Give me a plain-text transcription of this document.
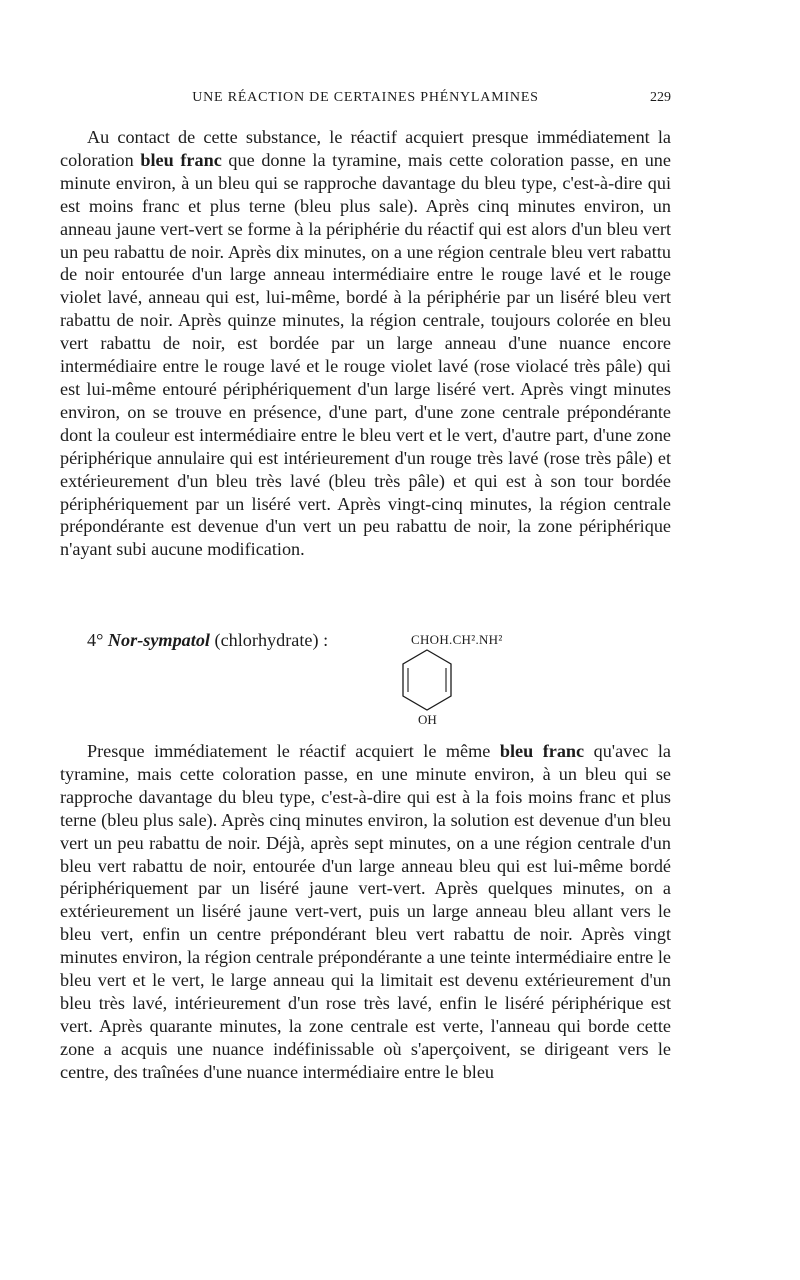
UNE RÉACTION DE CERTAINES PHÉNYLAMINES	229

Au contact de cette substance, le réactif acquiert presque immédiatement la coloration bleu franc que donne la tyramine, mais cette coloration passe, en une minute environ, à un bleu qui se rapproche davantage du bleu type, c'est-à-dire qui est moins franc et plus terne (bleu plus sale). Après cinq minutes environ, un anneau jaune vert-vert se forme à la périphérie du réactif qui est alors d'un bleu vert un peu rabattu de noir. Après dix minutes, on a une région centrale bleu vert rabattu de noir entourée d'un large anneau intermédiaire entre le rouge lavé et le rouge violet lavé, anneau qui est, lui-même, bordé à la périphérie par un liséré bleu vert rabattu de noir. Après quinze minutes, la région centrale, toujours colorée en bleu vert rabattu de noir, est bordée par un large anneau d'une nuance encore intermédiaire entre le rouge lavé et le rouge violet lavé (rose violacé très pâle) qui est lui-même entouré périphériquement d'un large liséré vert. Après vingt minutes environ, on se trouve en présence, d'une part, d'une zone centrale prépondérante dont la couleur est intermédiaire entre le bleu vert et le vert, d'autre part, d'une zone périphérique annulaire qui est intérieurement d'un rouge très lavé (rose très pâle) et extérieurement d'un bleu très lavé (bleu très pâle) et qui est à son tour bordée périphériquement par un liséré vert. Après vingt-cinq minutes, la région centrale prépondérante est devenue d'un vert un peu rabattu de noir, la zone périphérique n'ayant subi aucune modification.

4° Nor-sympatol (chlorhydrate) :	CHOH.CH².NH²
OH

Presque immédiatement le réactif acquiert le même bleu franc qu'avec la tyramine, mais cette coloration passe, en une minute environ, à un bleu qui se rapproche davantage du bleu type, c'est-à-dire qui est à la fois moins franc et plus terne (bleu plus sale). Après cinq minutes environ, la solution est devenue d'un bleu vert un peu rabattu de noir. Déjà, après sept minutes, on a une région centrale d'un bleu vert rabattu de noir, entourée d'un large anneau bleu qui est lui-même bordé périphériquement par un liséré jaune vert-vert. Après quelques minutes, on a extérieurement un liséré jaune vert-vert, puis un large anneau bleu allant vers le bleu vert, enfin un centre prépondérant bleu vert rabattu de noir. Après vingt minutes environ, la région centrale prépondérante a une teinte intermédiaire entre le bleu vert et le vert, le large anneau qui la limitait est devenu extérieurement d'un bleu très lavé, intérieurement d'un rose très lavé, enfin le liséré périphérique est vert. Après quarante minutes, la zone centrale est verte, l'anneau qui borde cette zone a acquis une nuance indéfinissable où s'aperçoivent, se dirigeant vers le centre, des traînées d'une nuance intermédiaire entre le bleu
